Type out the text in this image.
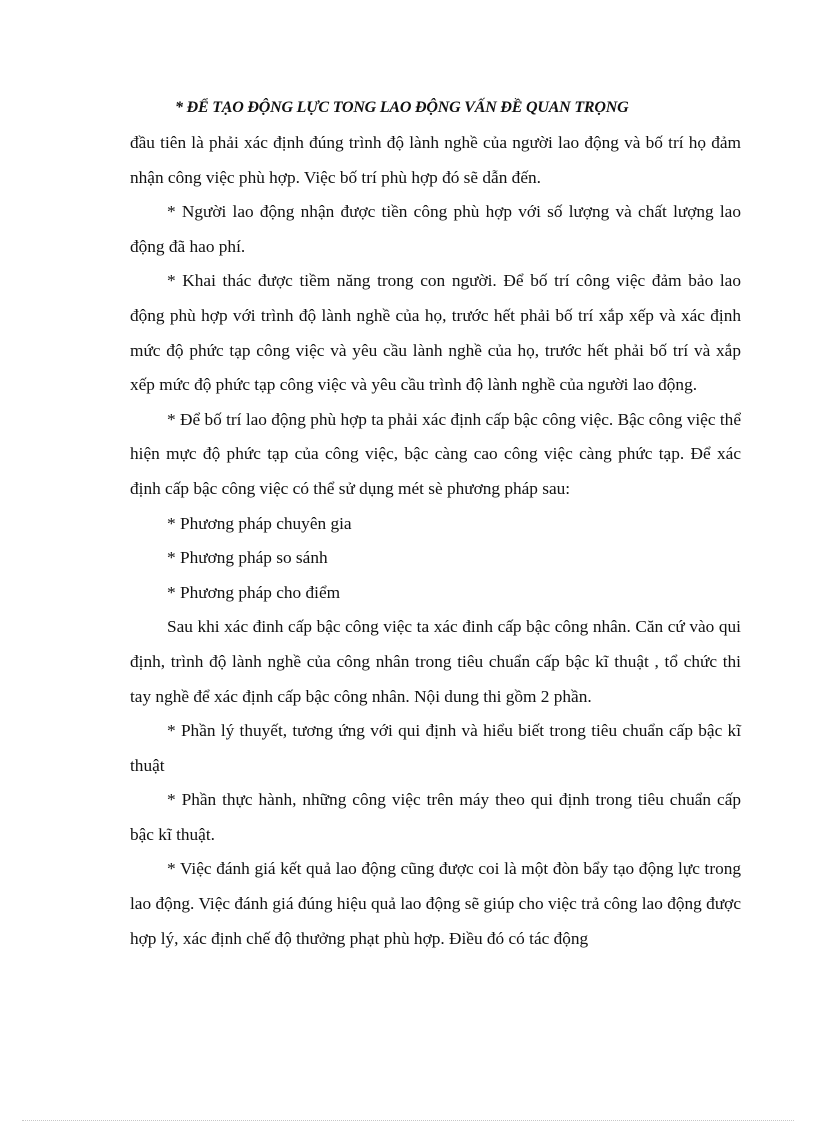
* ĐỂ TẠO ĐỘNG LỰC TONG LAO ĐỘNG VẤN ĐỀ QUAN TRỌNG

đầu tiên là phải xác định đúng trình độ lành nghề của người lao động và bố trí họ đảm nhận công việc phù hợp. Việc bố trí phù hợp đó sẽ dẫn đến.

* Người lao động nhận được tiền công phù hợp với số lượng và chất lượng lao động đã hao phí.

* Khai thác được tiềm năng trong con người. Để bố trí công việc đảm bảo lao động phù hợp với trình độ lành nghề của họ, trước hết phải bố trí xắp xếp và xác định mức độ phức tạp công việc và yêu cầu lành nghề của họ, trước hết phải bố trí và xắp xếp mức độ phức tạp công việc và yêu cầu trình độ lành nghề của người lao động.

* Để bố trí lao động phù hợp ta phải xác định cấp bậc công việc. Bậc công việc thể hiện mực độ phức tạp của công việc, bậc càng cao công việc càng phức tạp. Để xác định cấp bậc công việc có thể sử dụng mét sè phương pháp sau:

* Phương pháp chuyên gia

* Phương pháp so sánh

* Phương pháp cho điểm

Sau khi xác đinh cấp bậc công việc ta xác đinh cấp bậc công nhân. Căn cứ vào qui định, trình độ lành nghề của công nhân trong tiêu chuẩn cấp bậc kĩ thuật , tổ chức thi tay nghề để xác định cấp bậc công nhân. Nội dung thi gồm 2 phần.

* Phần lý thuyết, tương ứng với qui định và hiểu biết trong tiêu chuẩn cấp bậc kĩ thuật

* Phần thực hành, những công việc trên máy theo qui định trong tiêu chuẩn cấp bậc kĩ thuật.

* Việc đánh giá kết quả lao động cũng được coi là một đòn bẩy tạo động lực trong lao động. Việc đánh giá đúng hiệu quả lao động sẽ giúp cho việc trả công lao động được hợp lý, xác định chế độ thưởng phạt phù hợp. Điều đó có tác động
